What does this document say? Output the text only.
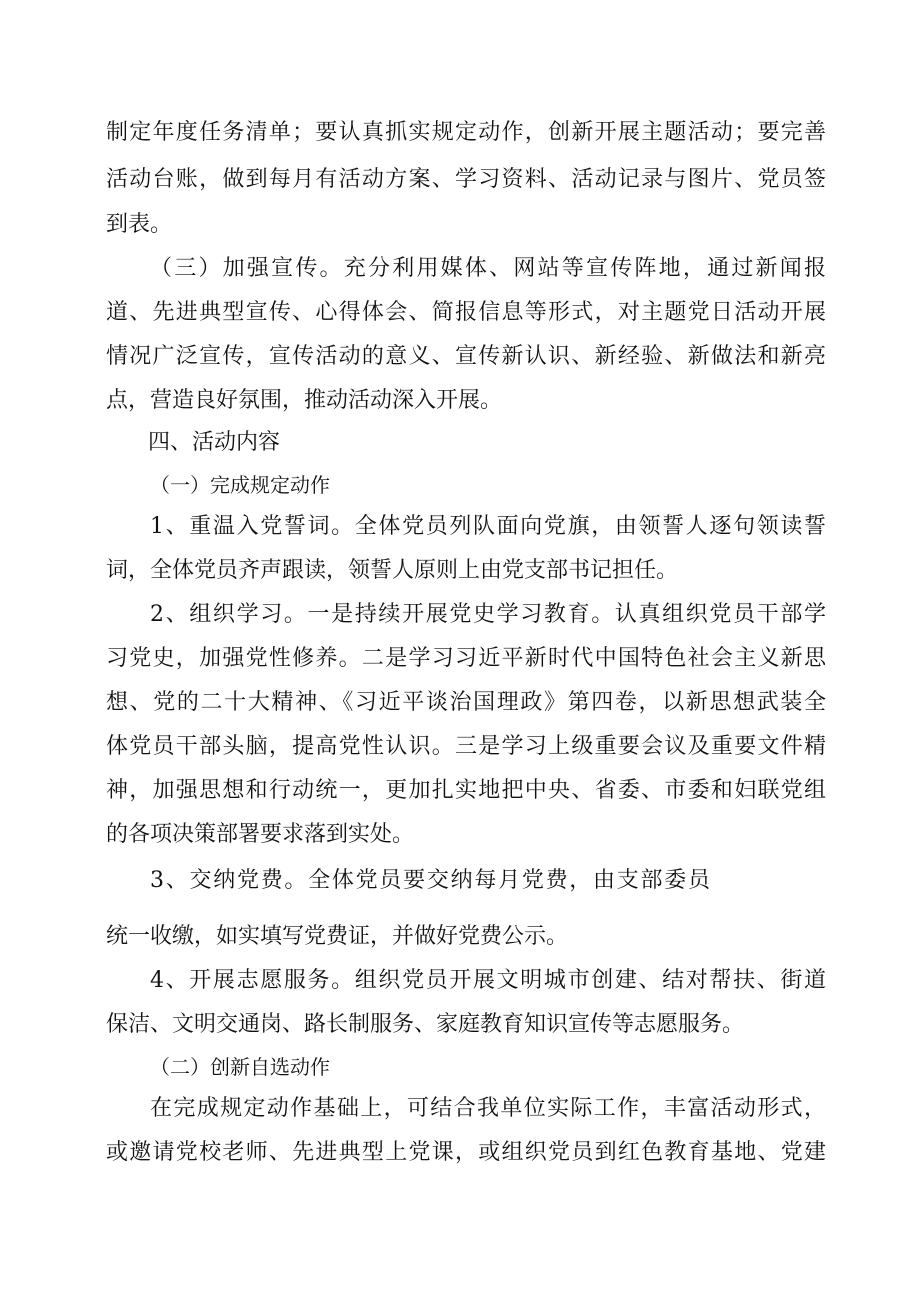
制定年度任务清单；要认真抓实规定动作，创新开展主题活动；要完善
活动台账，做到每月有活动方案、学习资料、活动记录与图片、党员签
到表。
（三）加强宣传。充分利用媒体、网站等宣传阵地，通过新闻报
道、先进典型宣传、心得体会、简报信息等形式，对主题党日活动开展
情况广泛宣传，宣传活动的意义、宣传新认识、新经验、新做法和新亮
点，营造良好氛围，推动活动深入开展。
四、活动内容
（一）完成规定动作
1、重温入党誓词。全体党员列队面向党旗，由领誓人逐句领读誓
词，全体党员齐声跟读，领誓人原则上由党支部书记担任。
2、组织学习。一是持续开展党史学习教育。认真组织党员干部学
习党史，加强党性修养。二是学习习近平新时代中国特色社会主义新思
想、党的二十大精神、《习近平谈治国理政》第四卷，以新思想武装全
体党员干部头脑，提高党性认识。三是学习上级重要会议及重要文件精
神，加强思想和行动统一，更加扎实地把中央、省委、市委和妇联党组
的各项决策部署要求落到实处。
3、交纳党费。全体党员要交纳每月党费，由支部委员
统一收缴，如实填写党费证，并做好党费公示。
4、开展志愿服务。组织党员开展文明城市创建、结对帮扶、街道
保洁、文明交通岗、路长制服务、家庭教育知识宣传等志愿服务。
（二）创新自选动作
在完成规定动作基础上，可结合我单位实际工作，丰富活动形式，
或邀请党校老师、先进典型上党课，或组织党员到红色教育基地、党建
